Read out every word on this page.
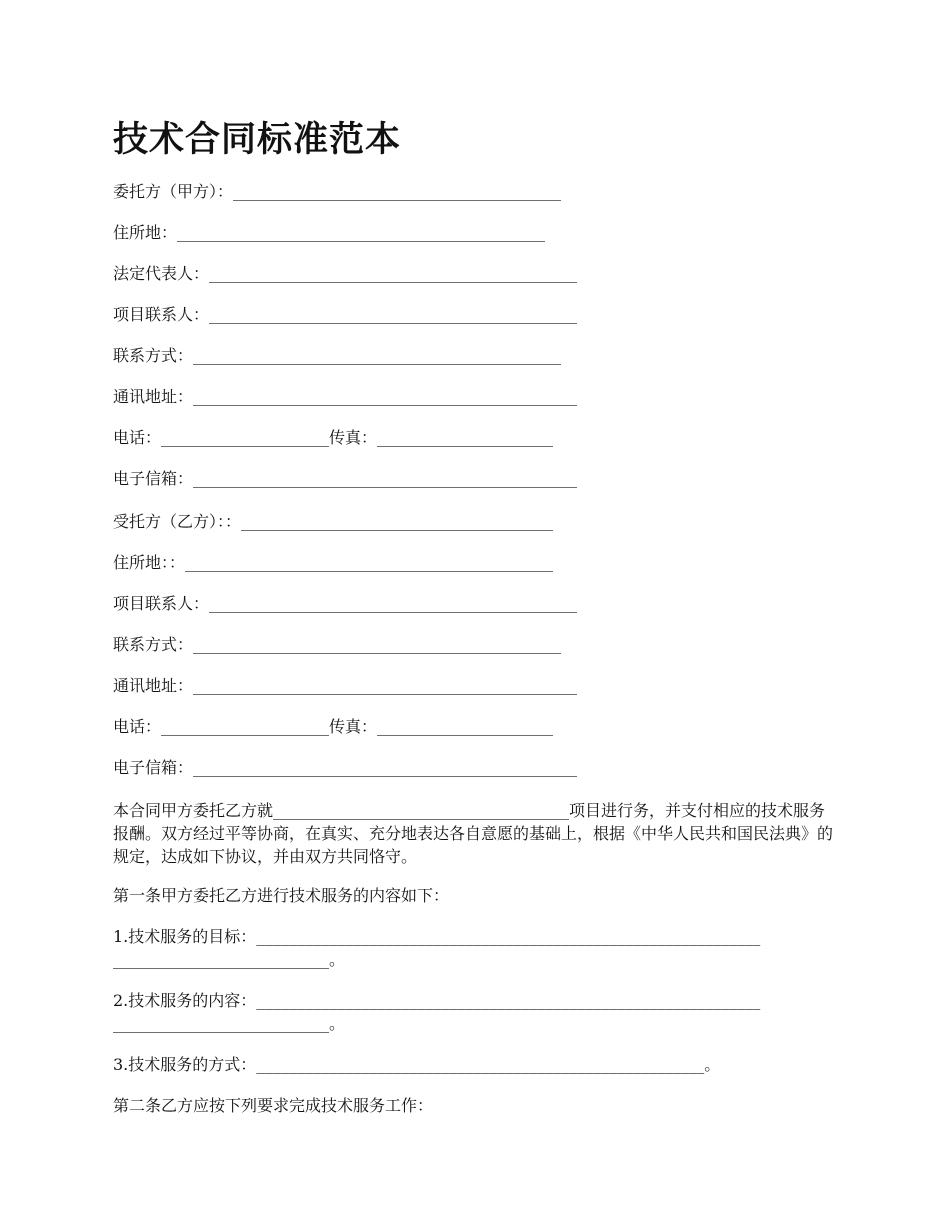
技术合同标准范本
委托方（甲方）：_________________________________________
住所地：______________________________________________
法定代表人：______________________________________________
项目联系人：______________________________________________
联系方式：______________________________________________
通讯地址：________________________________________________
电话：_____________________传真：______________________
电子信箱：________________________________________________
受托方（乙方）：：_______________________________________
住所地：：______________________________________________
项目联系人：______________________________________________
联系方式：______________________________________________
通讯地址：________________________________________________
电话：_____________________传真：______________________
电子信箱：________________________________________________
本合同甲方委托乙方就_____________________________________项目进行务，并支付相应的技术服务报酬。双方经过平等协商，在真实、充分地表达各自意愿的基础上，根据《中华人民共和国民法典》的规定，达成如下协议，并由双方共同恪守。
第一条甲方委托乙方进行技术服务的内容如下：
1.技术服务的目标：_______________________________________________________________ ___________________________。
2.技术服务的内容：_______________________________________________________________ ___________________________。
3.技术服务的方式：________________________________________________________。
第二条乙方应按下列要求完成技术服务工作：
